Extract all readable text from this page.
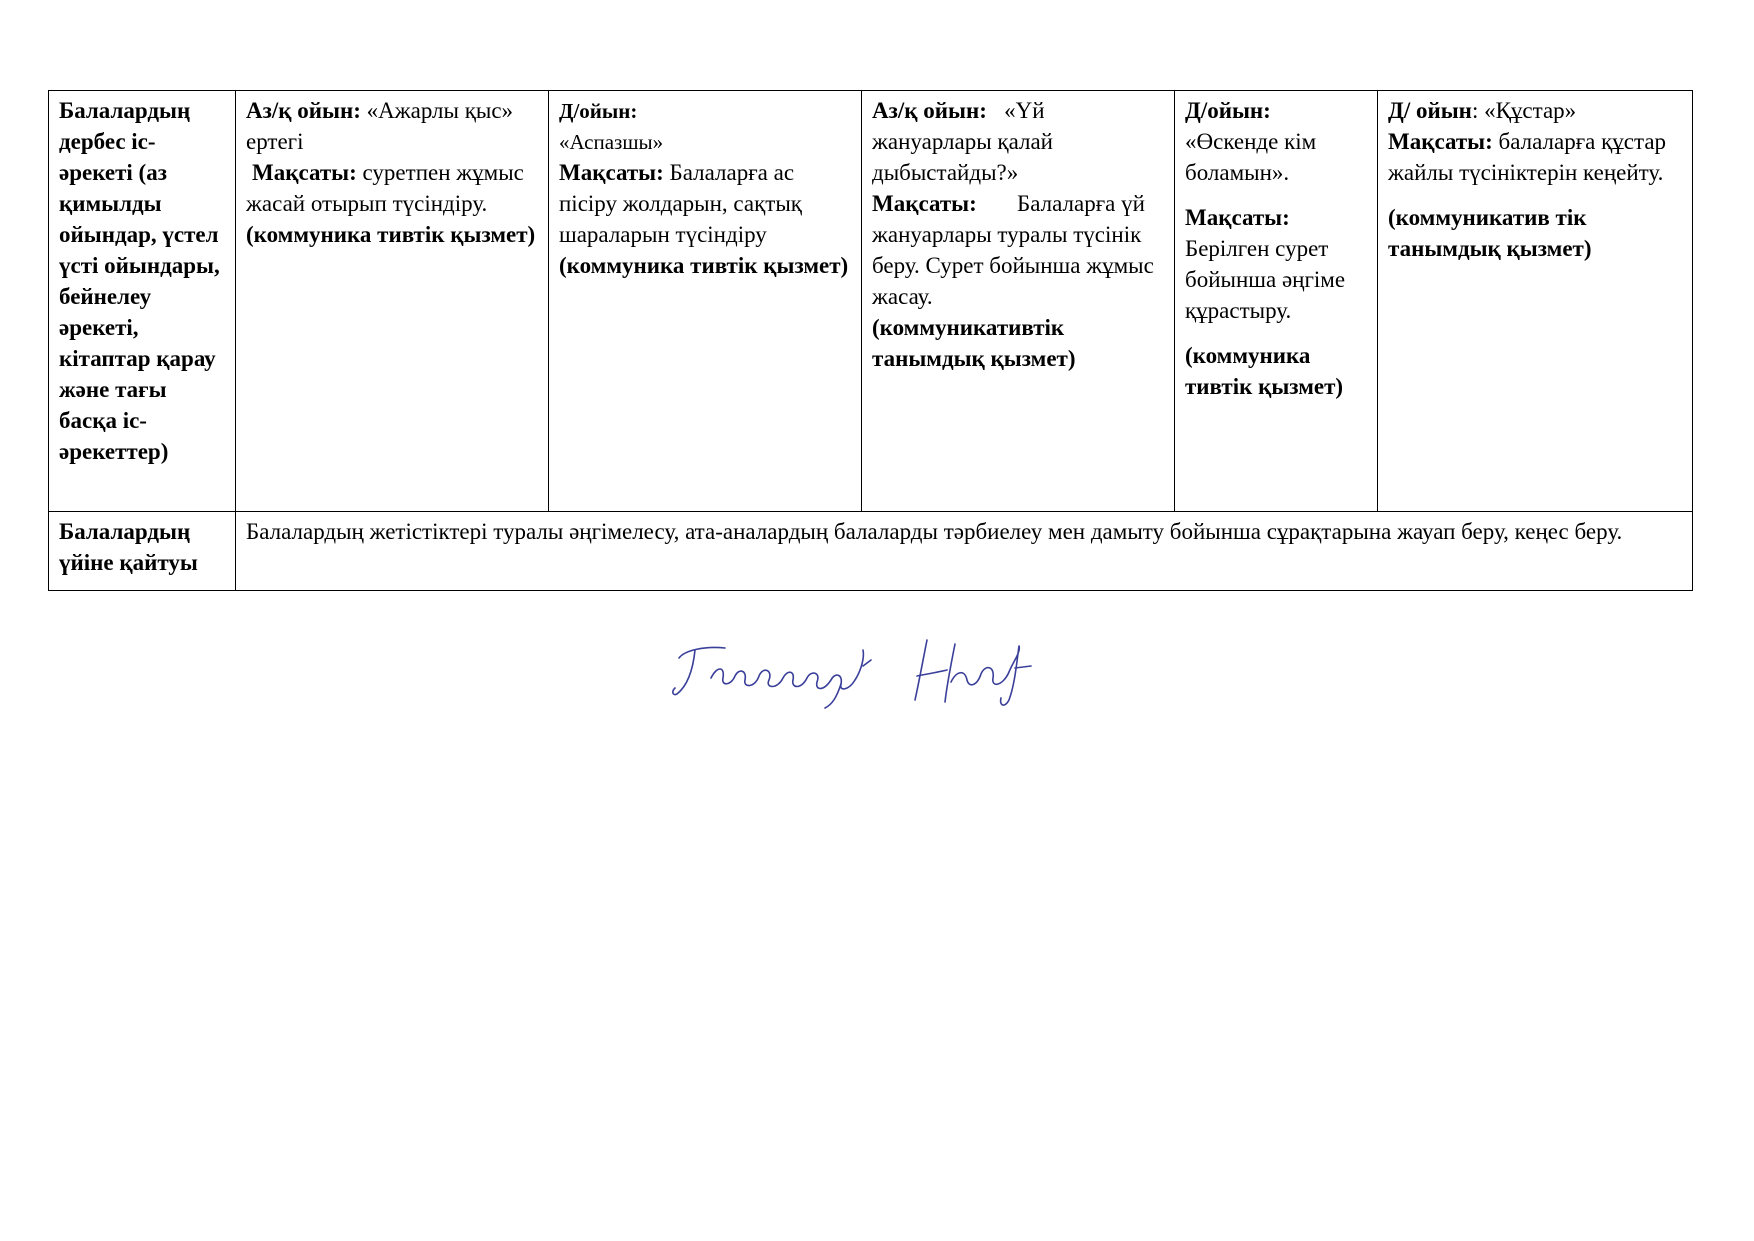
Балалардың дербес іс-әрекеті (аз қимылды ойындар, үстел үсті ойындары, бейнелеу әрекеті, кітаптар қарау және тағы басқа іс-әрекеттер)	Аз/қ ойын: «Ажарлы қыс» ертегі
Мақсаты: суретпен жұмыс жасай отырып түсіндіру.
(коммуника тивтік қызмет)	Д/ойын:
«Аспазшы»
Мақсаты: Балаларға ас пісіру жолдарын, сақтық шараларын түсіндіру
(коммуника тивтік қызмет)	Аз/қ ойын: «Үй жануарлары қалай дыбыстайды?»
Мақсаты: Балаларға үй жануарлары туралы түсінік беру. Сурет бойынша жұмыс жасау.
(коммуникативтік танымдық қызмет)	Д/ойын:
«Өскенде кім боламын».
Мақсаты:
Берілген сурет бойынша әңгіме құрастыру.
(коммуника тивтік қызмет)	Д/ ойын: «Құстар»
Мақсаты: балаларға құстар жайлы түсініктерін кеңейту.
(коммуникатив тік танымдық қызмет)
Балалардың үйіне қайтуы	Балалардың жетістіктері туралы әңгімелесу, ата-аналардың балаларды тәрбиелеу мен дамыту бойынша сұрақтарына жауап беру, кеңес беру.				
